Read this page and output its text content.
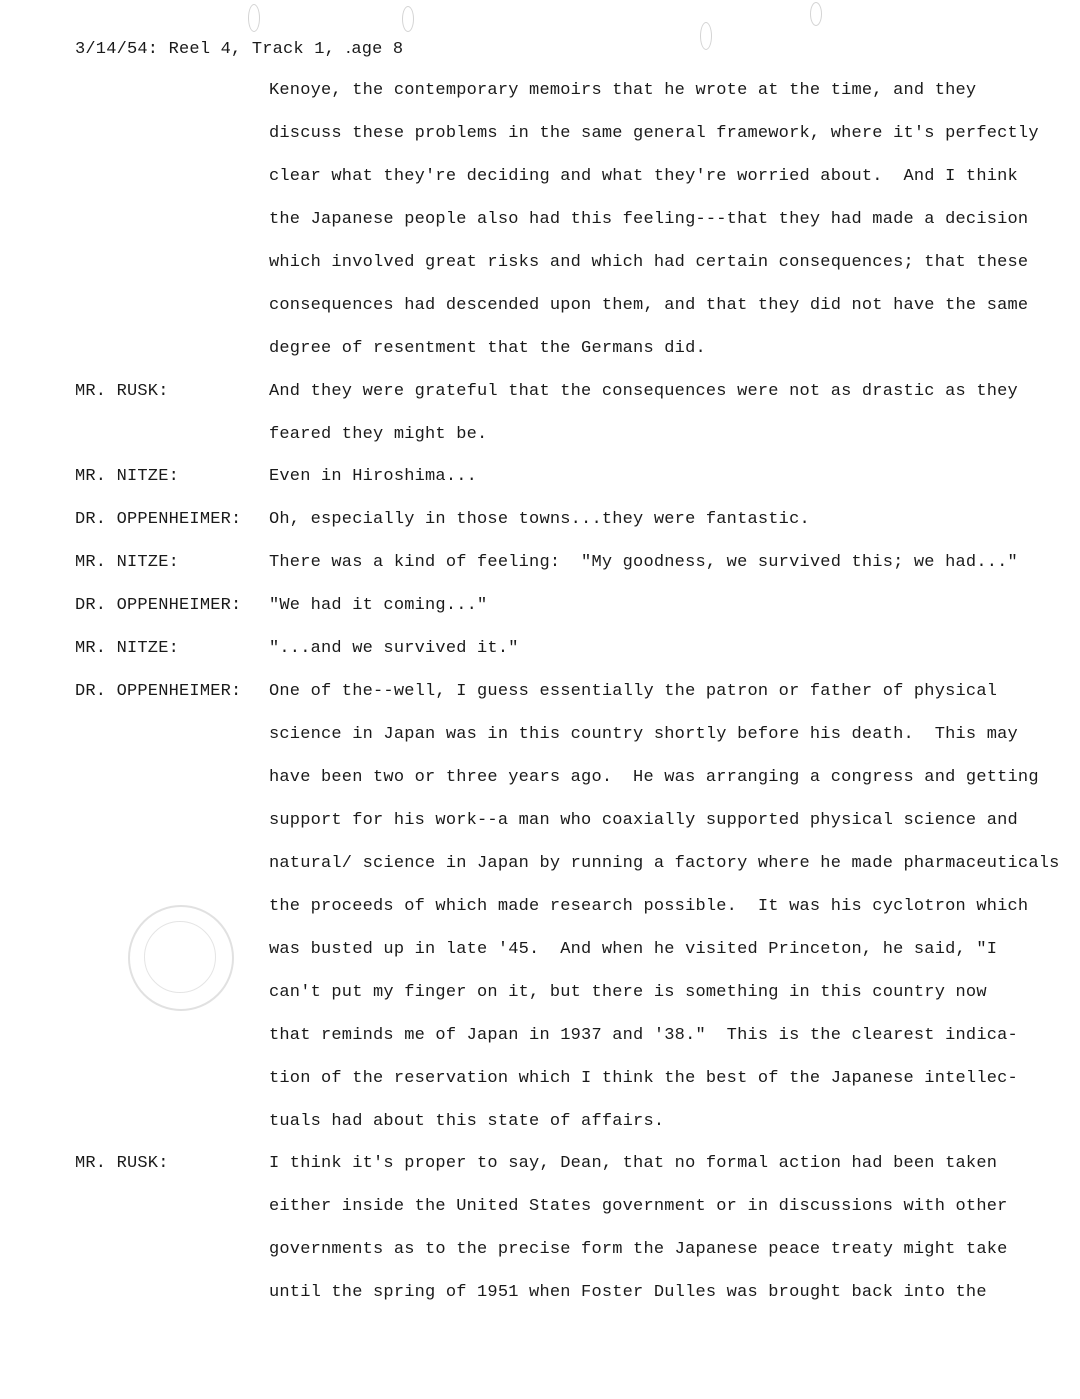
3/14/54: Reel 4, Track 1, ․age 8
Kenoye, the contemporary memoirs that he wrote at the time, and they
discuss these problems in the same general framework, where it's perfectly
clear what they're deciding and what they're worried about.  And I think
the Japanese people also had this feeling---that they had made a decision
which involved great risks and which had certain consequences; that these
consequences had descended upon them, and that they did not have the same
degree of resentment that the Germans did.
MR. RUSK:	And they were grateful that the consequences were not as drastic as they
feared they might be.
MR. NITZE:	Even in Hiroshima...
DR. OPPENHEIMER: Oh, especially in those towns...they were fantastic.
MR. NITZE:	There was a kind of feeling:  "My goodness, we survived this; we had..."
DR. OPPENHEIMER: "We had it coming..."
MR. NITZE:	"...and we survived it."
DR. OPPENHEIMER: One of the--well, I guess essentially the patron or father of physical
science in Japan was in this country shortly before his death.  This may
have been two or three years ago.  He was arranging a congress and getting
support for his work--a man who coaxially supported physical science and
natural/ science in Japan by running a factory where he made pharmaceuticals
the proceeds of which made research possible.  It was his cyclotron which
was busted up in late '45.  And when he visited Princeton, he said, "I
can't put my finger on it, but there is something in this country now
that reminds me of Japan in 1937 and '38."  This is the clearest indica-
tion of the reservation which I think the best of the Japanese intellec-
tuals had about this state of affairs.
MR. RUSK:	I think it's proper to say, Dean, that no formal action had been taken
either inside the United States government or in discussions with other
governments as to the precise form the Japanese peace treaty might take
until the spring of 1951 when Foster Dulles was brought back into the
